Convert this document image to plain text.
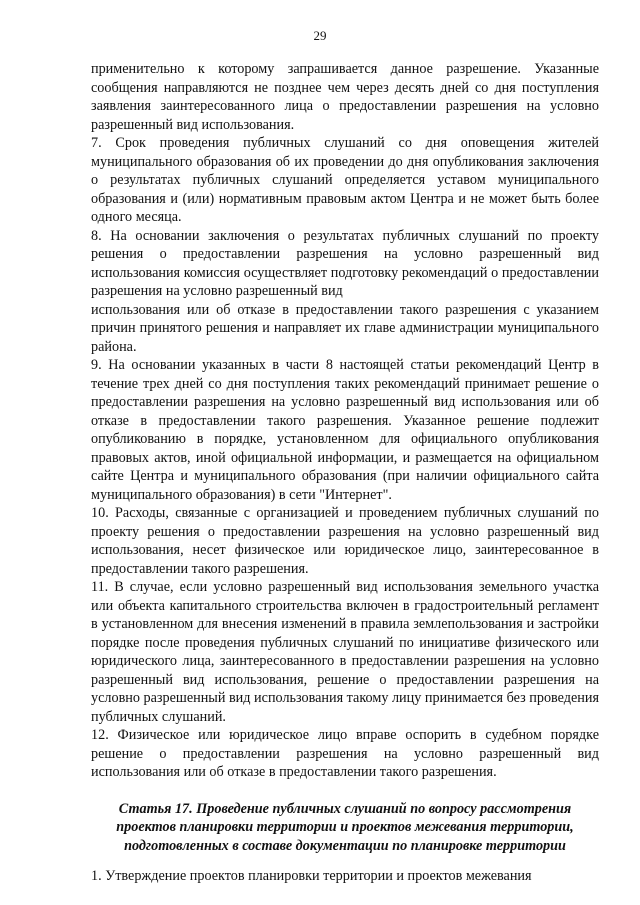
29

применительно к которому запрашивается данное разрешение. Указанные сообщения направляются не позднее чем через десять дней со дня поступления заявления заинтересованного лица о предоставлении разрешения на условно разрешенный вид использования.

7. Срок проведения публичных слушаний со дня оповещения жителей муниципального образования об их проведении до дня опубликования заключения о результатах публичных слушаний определяется уставом муниципального образования и (или) нормативным правовым актом Центра и не может быть более одного месяца.

8. На основании заключения о результатах публичных слушаний по проекту решения о предоставлении разрешения на условно разрешенный вид использования комиссия осуществляет подготовку рекомендаций о предоставлении разрешения на условно разрешенный вид

использования или об отказе в предоставлении такого разрешения с указанием причин принятого решения и направляет их главе администрации муниципального района.

9. На основании указанных в части 8 настоящей статьи рекомендаций Центр в течение трех дней со дня поступления таких рекомендаций принимает решение о предоставлении разрешения на условно разрешенный вид использования или об отказе в предоставлении такого разрешения. Указанное решение подлежит опубликованию в порядке, установленном для официального опубликования правовых актов, иной официальной информации, и размещается на официальном сайте Центра и муниципального образования (при наличии официального сайта муниципального образования) в сети "Интернет".

10. Расходы, связанные с организацией и проведением публичных слушаний по проекту решения о предоставлении разрешения на условно разрешенный вид использования, несет физическое или юридическое лицо, заинтересованное в предоставлении такого разрешения.

11. В случае, если условно разрешенный вид использования земельного участка или объекта капитального строительства включен в градостроительный регламент в установленном для внесения изменений в правила землепользования и застройки порядке после проведения публичных слушаний по инициативе физического или юридического лица, заинтересованного в предоставлении разрешения на условно разрешенный вид использования, решение о предоставлении разрешения на условно разрешенный вид использования такому лицу принимается без проведения публичных слушаний.

12. Физическое или юридическое лицо вправе оспорить в судебном порядке решение о предоставлении разрешения на условно разрешенный вид использования или об отказе в предоставлении такого разрешения.

Статья 17. Проведение публичных слушаний по вопросу рассмотрения
проектов планировки территории и проектов межевания территории,
подготовленных в составе документации по планировке территории

1. Утверждение проектов планировки территории и проектов межевания
